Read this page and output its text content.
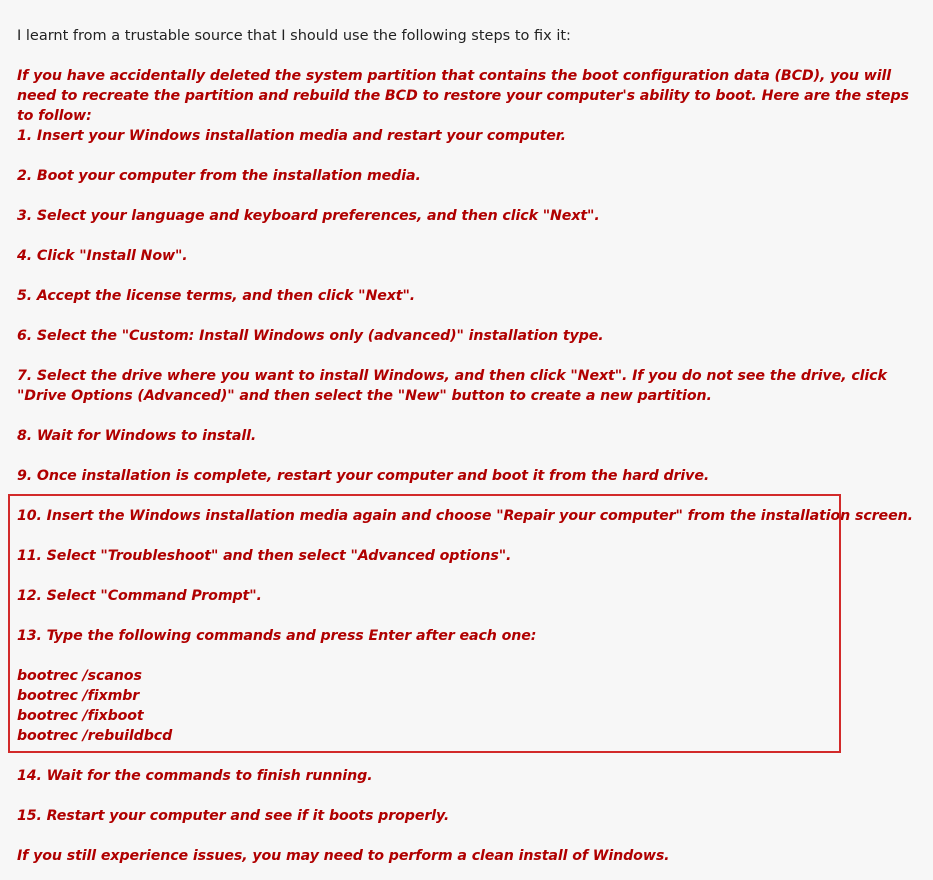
I learnt from a trustable source that I should use the following steps to fix it:
If you have accidentally deleted the system partition that contains the boot configuration data (BCD), you will need to recreate the partition and rebuild the BCD to restore your computer's ability to boot. Here are the steps to follow:
1. Insert your Windows installation media and restart your computer.
2. Boot your computer from the installation media.
3. Select your language and keyboard preferences, and then click "Next".
4. Click "Install Now".
5. Accept the license terms, and then click "Next".
6. Select the "Custom: Install Windows only (advanced)" installation type.
7. Select the drive where you want to install Windows, and then click "Next". If you do not see the drive, click "Drive Options (Advanced)" and then select the "New" button to create a new partition.
8. Wait for Windows to install.
9. Once installation is complete, restart your computer and boot it from the hard drive.
10. Insert the Windows installation media again and choose "Repair your computer" from the installation screen.
11. Select "Troubleshoot" and then select "Advanced options".
12. Select "Command Prompt".
13. Type the following commands and press Enter after each one:
bootrec /scanos
bootrec /fixmbr
bootrec /fixboot
bootrec /rebuildbcd
14. Wait for the commands to finish running.
15. Restart your computer and see if it boots properly.
If you still experience issues, you may need to perform a clean install of Windows.
